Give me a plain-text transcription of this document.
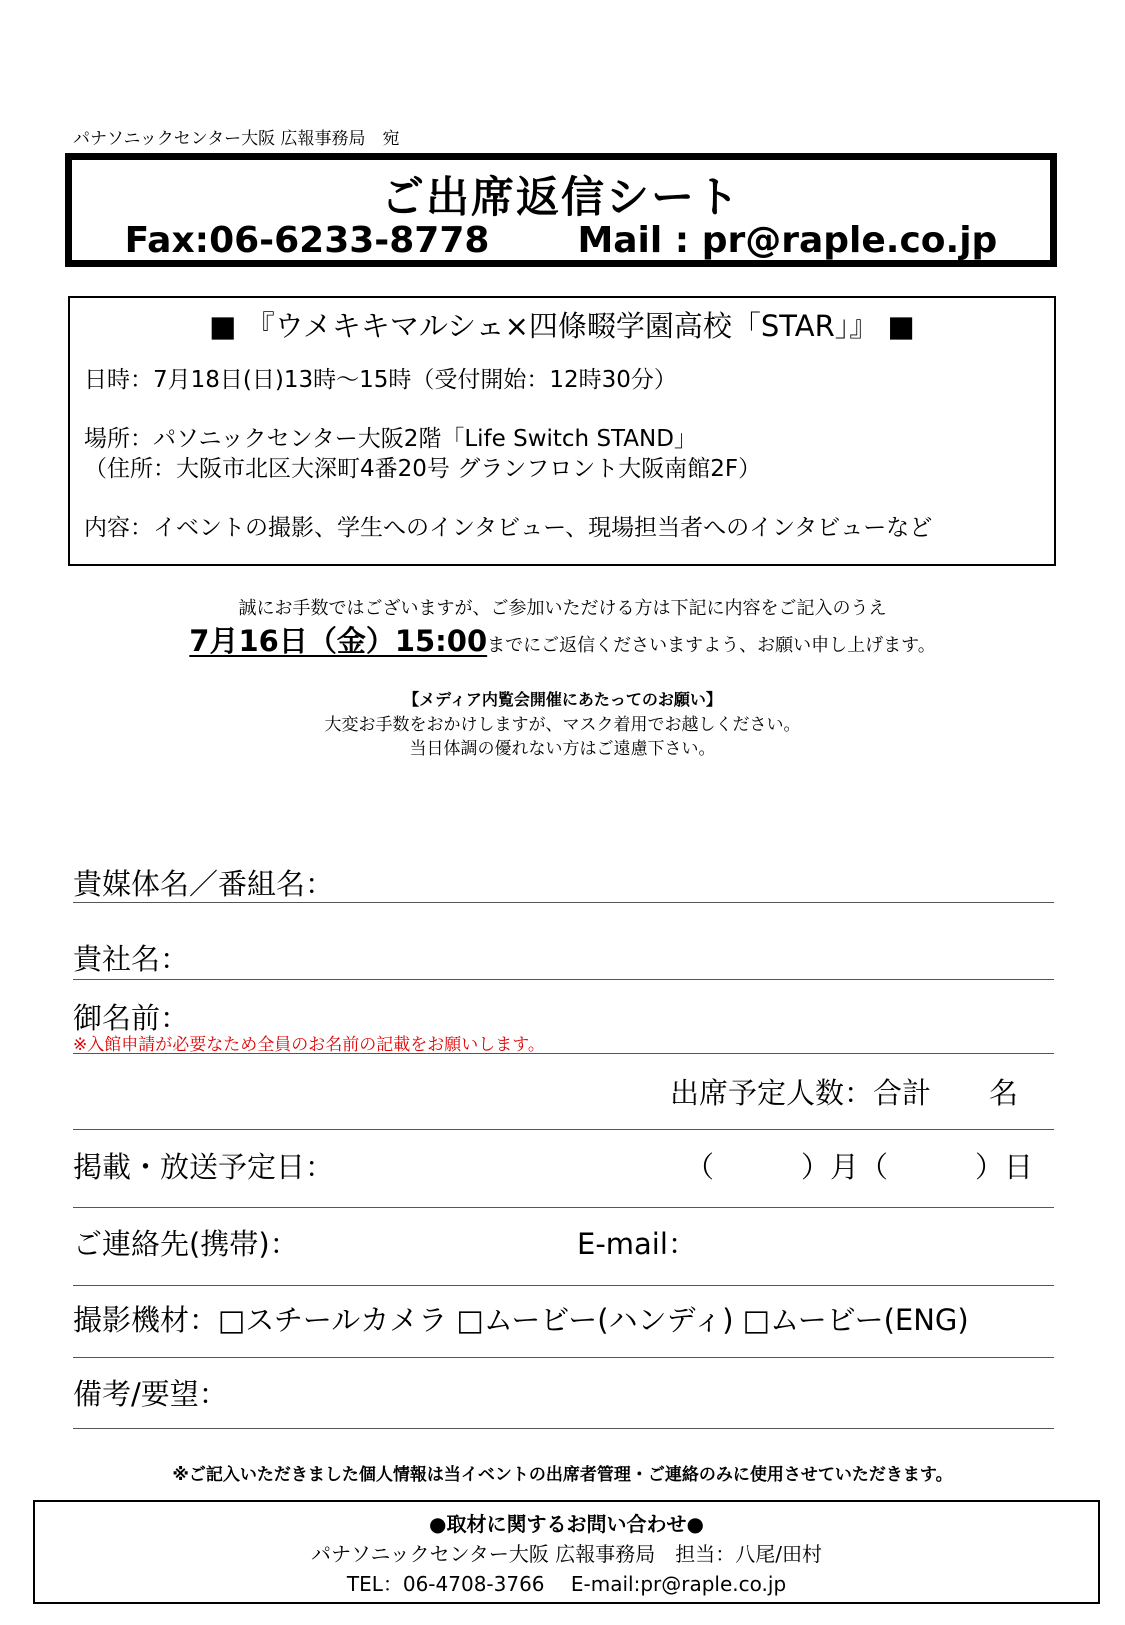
パナソニックセンター大阪 広報事務局　宛
ご出席返信シート
Fax:06-6233-8778 Mail : pr@raple.co.jp
■ 『ウメキキマルシェ×四條畷学園高校「STAR」』 ■
日時：7月18日(日)13時～15時（受付開始：12時30分）
場所：パソニックセンター大阪2階「Life Switch STAND」
（住所：大阪市北区大深町4番20号 グランフロント大阪南館2F）
内容：イベントの撮影、学生へのインタビュー、現場担当者へのインタビューなど
誠にお手数ではございますが、ご参加いただける方は下記に内容をご記入のうえ
7月16日（金）15:00までにご返信くださいますよう、お願い申し上げます。
【メディア内覧会開催にあたってのお願い】
大変お手数をおかけしますが、マスク着用でお越しください。
当日体調の優れない方はご遠慮下さい。
貴媒体名／番組名：
貴社名：
御名前：
※入館申請が必要なため全員のお名前の記載をお願いします。
出席予定人数：合計　　名
掲載・放送予定日：	（　　　）月（　　　）日
ご連絡先(携帯)：	E-mail：
撮影機材：□スチールカメラ □ムービー(ハンディ) □ムービー(ENG)
備考/要望：
※ご記入いただきました個人情報は当イベントの出席者管理・ご連絡のみに使用させていただきます。
●取材に関するお問い合わせ●
パナソニックセンター大阪 広報事務局　担当：八尾/田村
TEL：06-4708-3766　 E-mail:pr@raple.co.jp
